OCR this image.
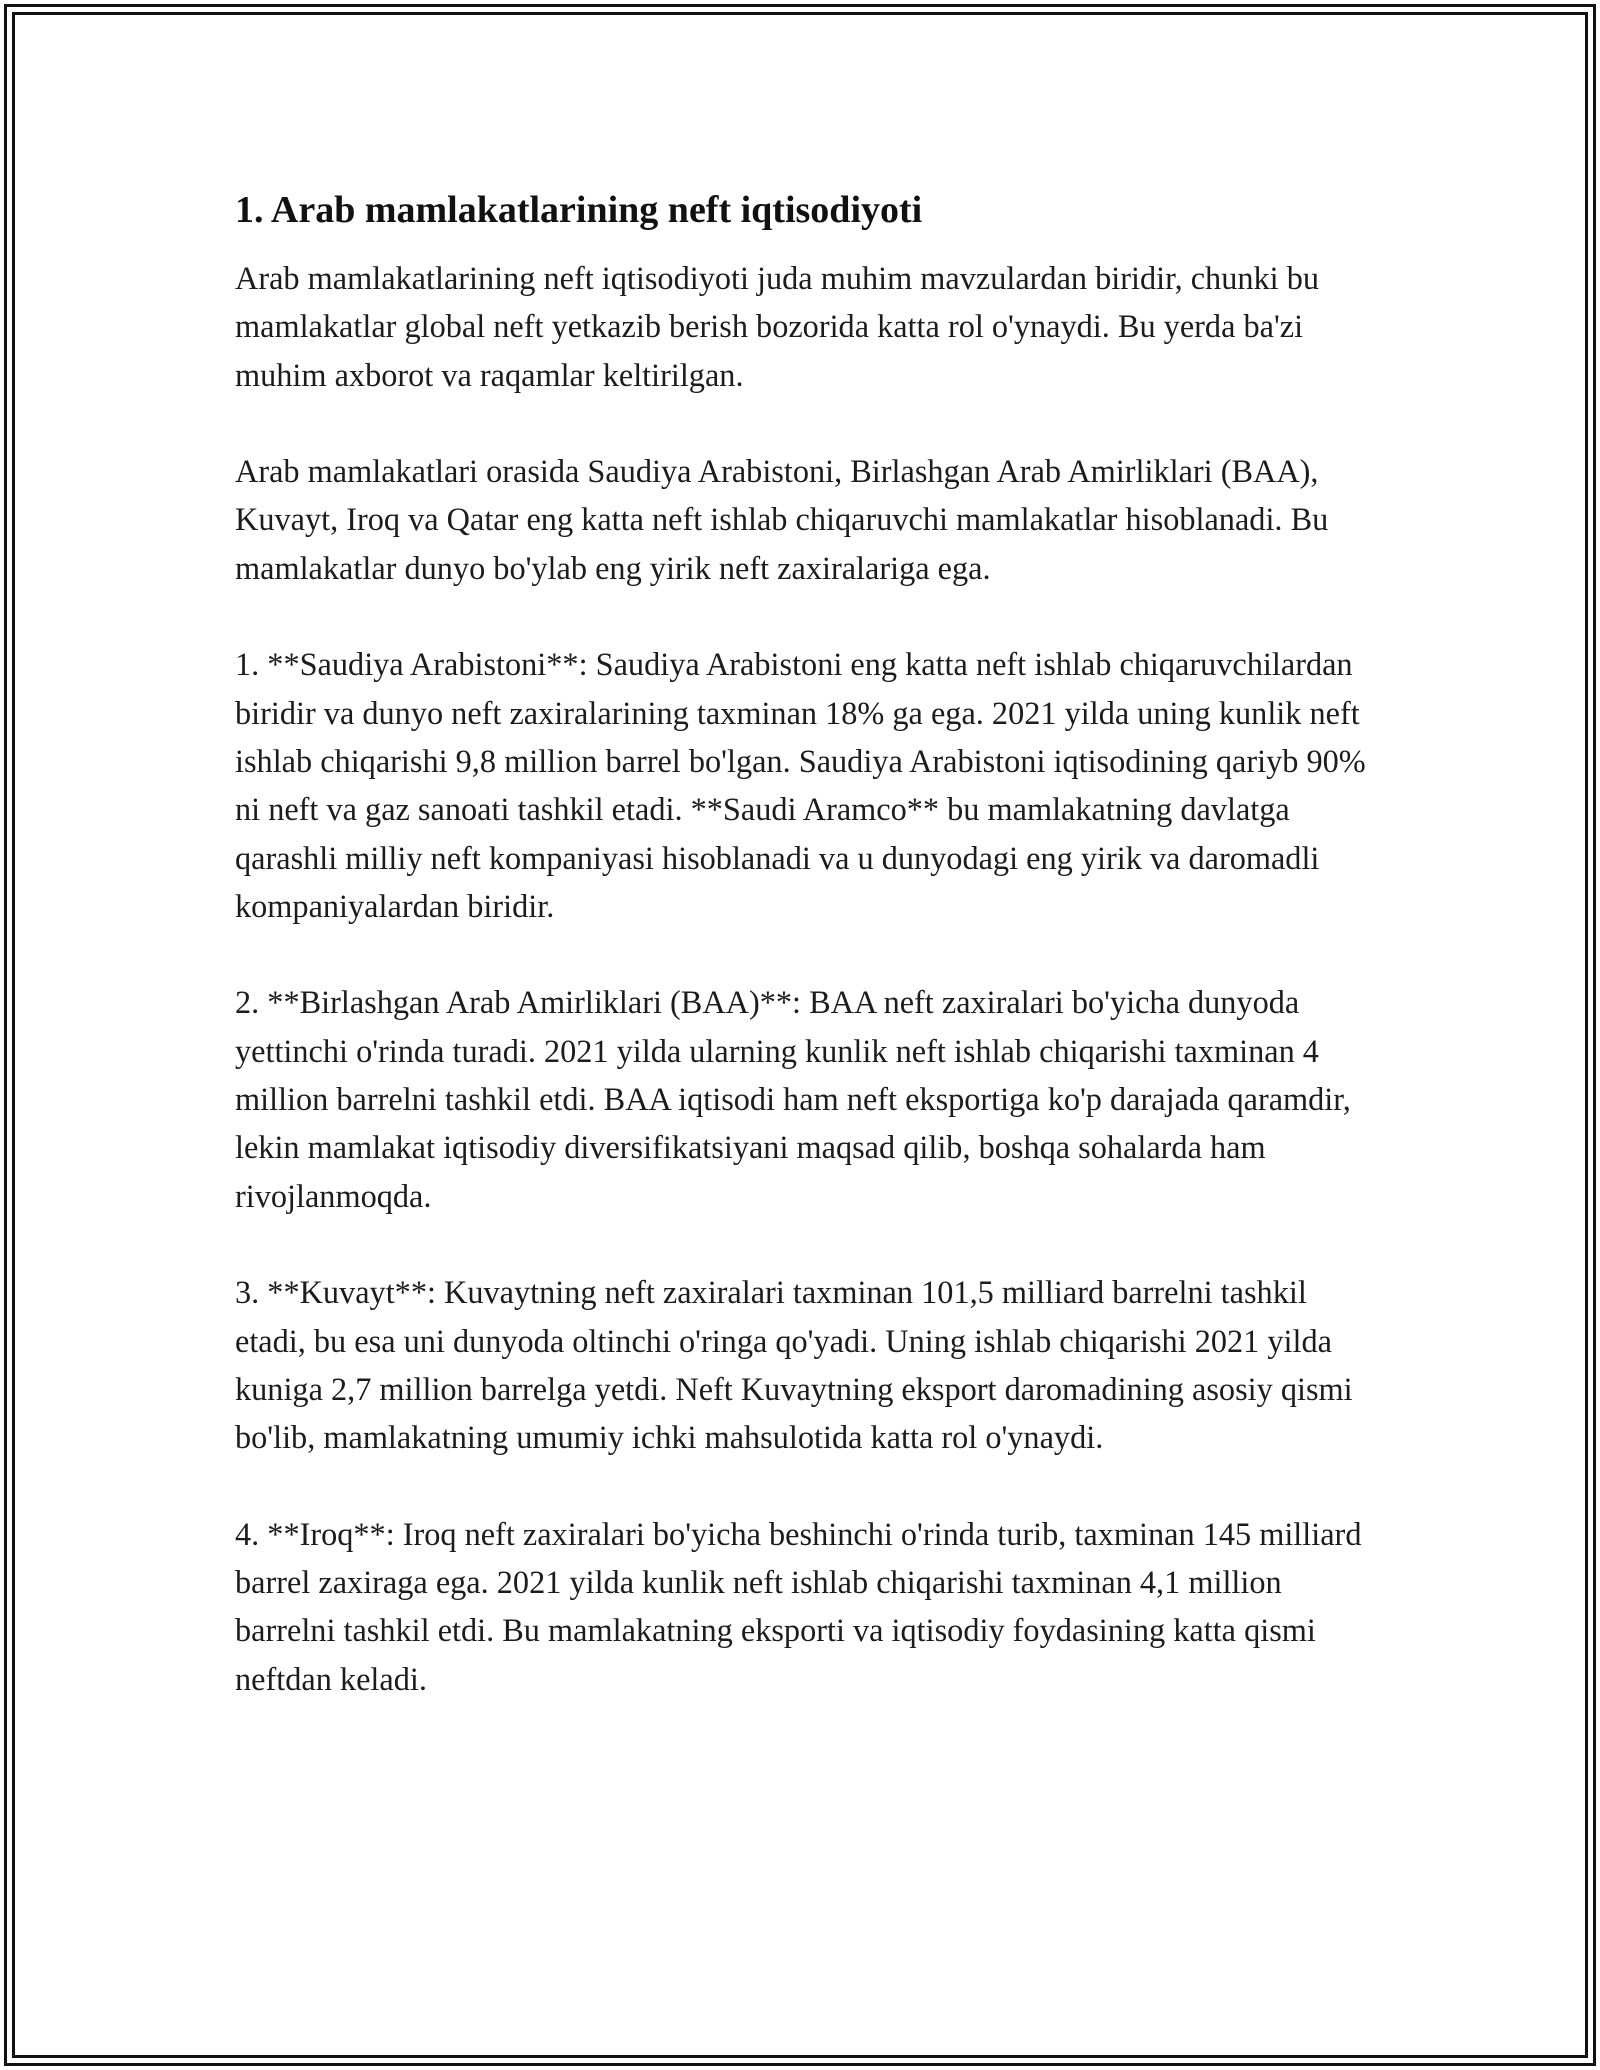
1. Arab mamlakatlarining neft iqtisodiyoti

Arab mamlakatlarining neft iqtisodiyoti juda muhim mavzulardan biridir, chunki bu mamlakatlar global neft yetkazib berish bozorida katta rol o'ynaydi. Bu yerda ba'zi muhim axborot va raqamlar keltirilgan.

Arab mamlakatlari orasida Saudiya Arabistoni, Birlashgan Arab Amirliklari (BAA), Kuvayt, Iroq va Qatar eng katta neft ishlab chiqaruvchi mamlakatlar hisoblanadi. Bu mamlakatlar dunyo bo'ylab eng yirik neft zaxiralariga ega.

1. **Saudiya Arabistoni**: Saudiya Arabistoni eng katta neft ishlab chiqaruvchilardan biridir va dunyo neft zaxiralarining taxminan 18% ga ega. 2021 yilda uning kunlik neft ishlab chiqarishi 9,8 million barrel bo'lgan. Saudiya Arabistoni iqtisodining qariyb 90% ni neft va gaz sanoati tashkil etadi. **Saudi Aramco** bu mamlakatning davlatga qarashli milliy neft kompaniyasi hisoblanadi va u dunyodagi eng yirik va daromadli kompaniyalardan biridir.

2. **Birlashgan Arab Amirliklari (BAA)**: BAA neft zaxiralari bo'yicha dunyoda yettinchi o'rinda turadi. 2021 yilda ularning kunlik neft ishlab chiqarishi taxminan 4 million barrelni tashkil etdi. BAA iqtisodi ham neft eksportiga ko'p darajada qaramdir, lekin mamlakat iqtisodiy diversifikatsiyani maqsad qilib, boshqa sohalarda ham rivojlanmoqda.

3. **Kuvayt**: Kuvaytning neft zaxiralari taxminan 101,5 milliard barrelni tashkil etadi, bu esa uni dunyoda oltinchi o'ringa qo'yadi. Uning ishlab chiqarishi 2021 yilda kuniga 2,7 million barrelga yetdi. Neft Kuvaytning eksport daromadining asosiy qismi bo'lib, mamlakatning umumiy ichki mahsulotida katta rol o'ynaydi.

4. **Iroq**: Iroq neft zaxiralari bo'yicha beshinchi o'rinda turib, taxminan 145 milliard barrel zaxiraga ega. 2021 yilda kunlik neft ishlab chiqarishi taxminan 4,1 million barrelni tashkil etdi. Bu mamlakatning eksporti va iqtisodiy foydasining katta qismi neftdan keladi.
